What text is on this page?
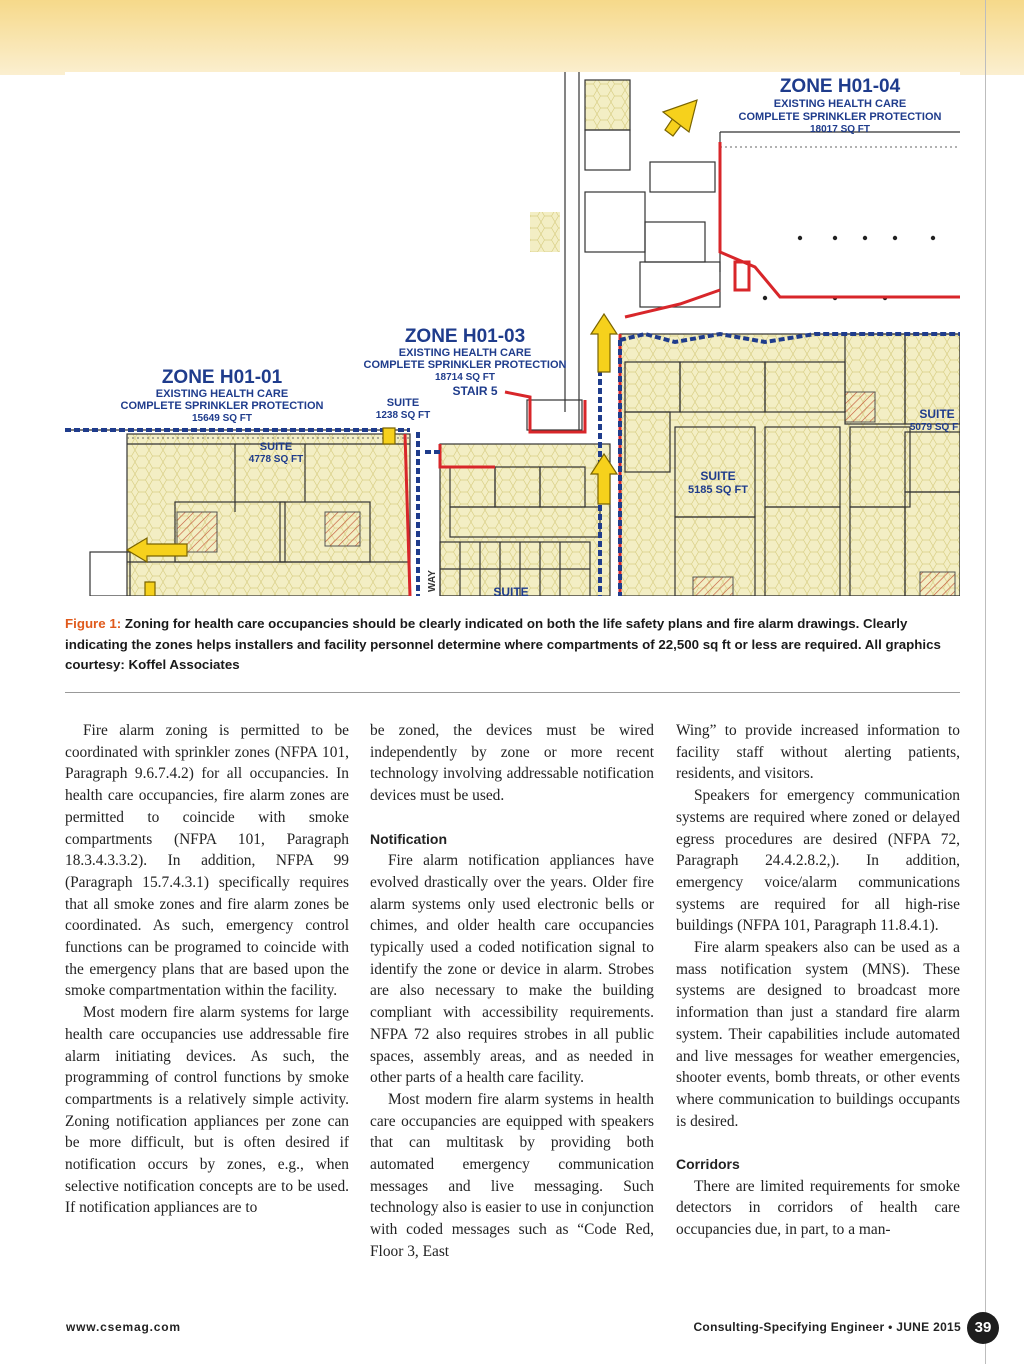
ZONE H01-04
EXISTING HEALTH CARE
COMPLETE SPRINKLER PROTECTION
18017 SQ FT
ZONE H01-03
EXISTING HEALTH CARE
COMPLETE SPRINKLER PROTECTION
18714 SQ FT
ZONE H01-01
EXISTING HEALTH CARE
COMPLETE SPRINKLER PROTECTION
15649 SQ FT
STAIR 5
SUITE
4778 SQ FT
SUITE
1238 SQ FT
SUITE
5185 SQ FT
SUITE
5079 SQ F
SUITE
WAY

Figure 1: Zoning for health care occupancies should be clearly indicated on both the life safety plans and fire alarm drawings. Clearly indicating the zones helps installers and facility personnel determine where compartments of 22,500 sq ft or less are required. All graphics courtesy: Koffel Associates

Fire alarm zoning is permitted to be coordinated with sprinkler zones (NFPA 101, Paragraph 9.6.7.4.2) for all occupancies. In health care occupancies, fire alarm zones are permitted to coincide with smoke compartments (NFPA 101, Paragraph 18.3.4.3.3.2). In addition, NFPA 99 (Paragraph 15.7.4.3.1) specifically requires that all smoke zones and fire alarm zones be coordinated. As such, emergency control functions can be programed to coincide with the emergency plans that are based upon the smoke compartmentation within the facility.

Most modern fire alarm systems for large health care occupancies use addressable fire alarm initiating devices. As such, the programming of control functions by smoke compartments is a relatively simple activity. Zoning notification appliances per zone can be more difficult, but is often desired if notification occurs by zones, e.g., when selective notification concepts are to be used. If notification appliances are to

be zoned, the devices must be wired independently by zone or more recent technology involving addressable notification devices must be used.

Notification

Fire alarm notification appliances have evolved drastically over the years. Older fire alarm systems only used electronic bells or chimes, and older health care occupancies typically used a coded notification signal to identify the zone or device in alarm. Strobes are also necessary to make the building compliant with accessibility requirements. NFPA 72 also requires strobes in all public spaces, assembly areas, and as needed in other parts of a health care facility.

Most modern fire alarm systems in health care occupancies are equipped with speakers that can multitask by providing both automated emergency communication messages and live messaging. Such technology also is easier to use in conjunction with coded messages such as “Code Red, Floor 3, East

Wing” to provide increased information to facility staff without alerting patients, residents, and visitors.

Speakers for emergency communication systems are required where zoned or delayed egress procedures are desired (NFPA 72, Paragraph 24.4.2.8.2,). In addition, emergency voice/alarm communications systems are required for all high-rise buildings (NFPA 101, Paragraph 11.8.4.1).

Fire alarm speakers also can be used as a mass notification system (MNS). These systems are designed to broadcast more information than just a standard fire alarm system. Their capabilities include automated and live messages for weather emergencies, shooter events, bomb threats, or other events where communication to buildings occupants is desired.

Corridors

There are limited requirements for smoke detectors in corridors of health care occupancies due, in part, to a man-

www.csemag.com	Consulting-Specifying Engineer • JUNE 2015 39
